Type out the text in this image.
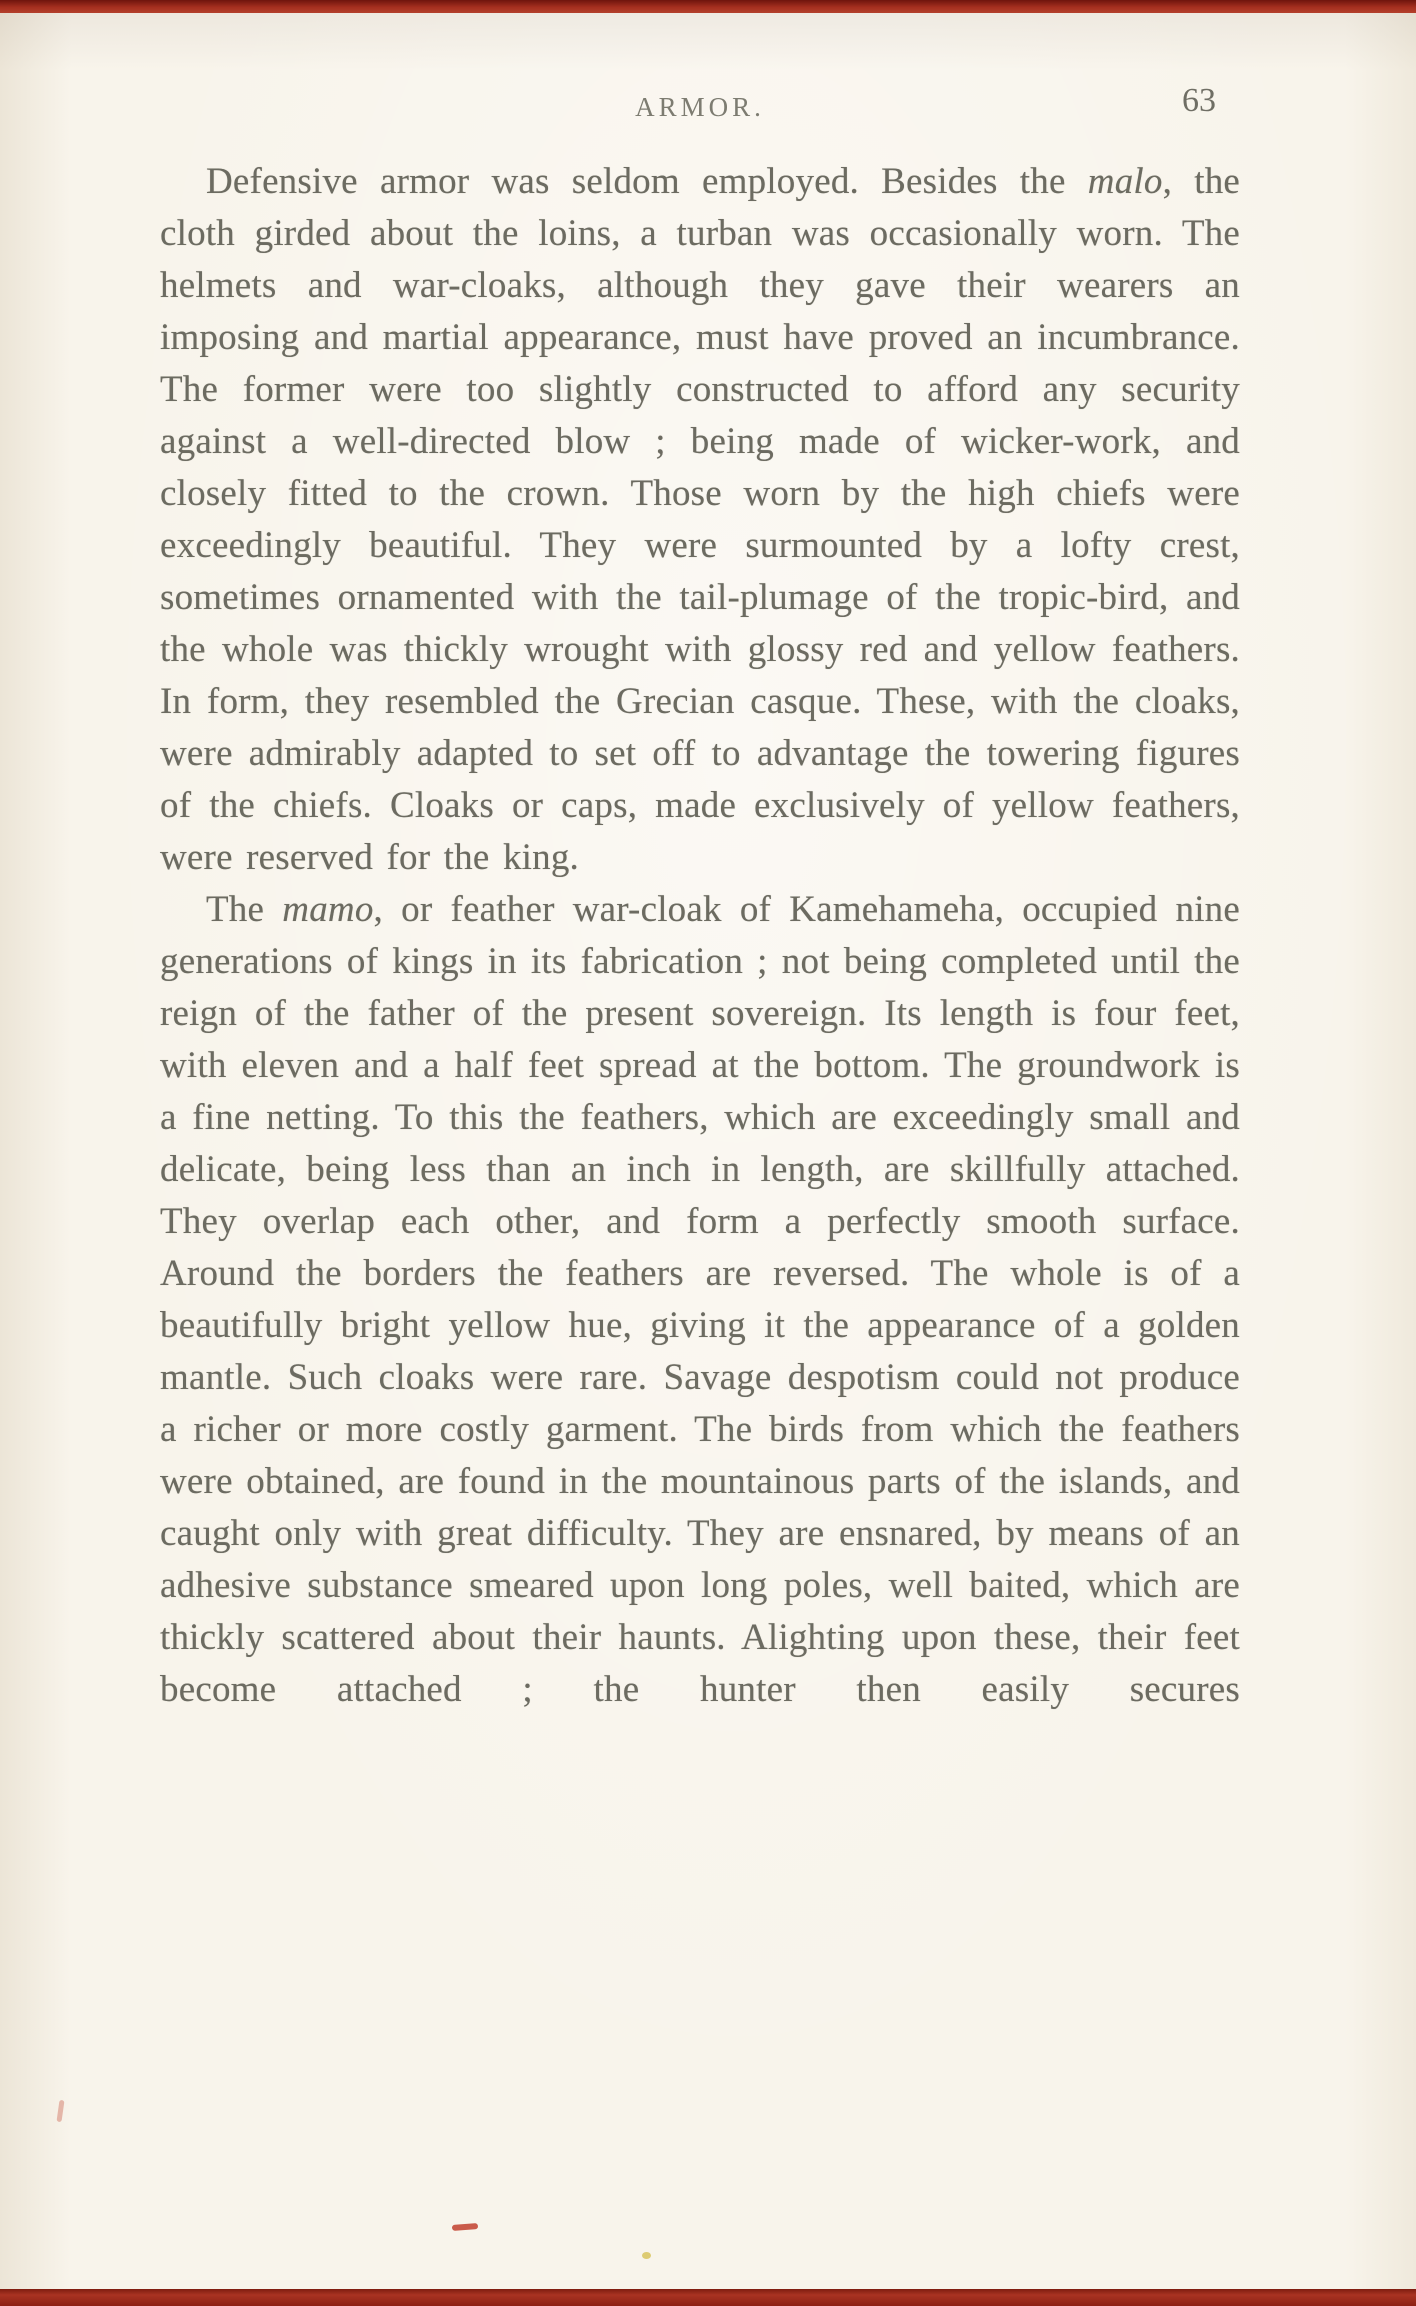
ARMOR.	63

Defensive armor was seldom employed. Besides the malo, the cloth girded about the loins, a turban was occasionally worn. The helmets and war-cloaks, although they gave their wearers an imposing and martial appearance, must have proved an incumbrance. The former were too slightly constructed to afford any security against a well-directed blow ; being made of wicker-work, and closely fitted to the crown. Those worn by the high chiefs were exceedingly beautiful. They were surmounted by a lofty crest, sometimes ornamented with the tail-plumage of the tropic-bird, and the whole was thickly wrought with glossy red and yellow feathers. In form, they resembled the Grecian casque. These, with the cloaks, were admirably adapted to set off to advantage the towering figures of the chiefs. Cloaks or caps, made exclusively of yellow feathers, were reserved for the king.

The mamo, or feather war-cloak of Kamehameha, occupied nine generations of kings in its fabrication ; not being completed until the reign of the father of the present sovereign. Its length is four feet, with eleven and a half feet spread at the bottom. The groundwork is a fine netting. To this the feathers, which are exceedingly small and delicate, being less than an inch in length, are skillfully attached. They overlap each other, and form a perfectly smooth surface. Around the borders the feathers are reversed. The whole is of a beautifully bright yellow hue, giving it the appearance of a golden mantle. Such cloaks were rare. Savage despotism could not produce a richer or more costly garment. The birds from which the feathers were obtained, are found in the mountainous parts of the islands, and caught only with great difficulty. They are ensnared, by means of an adhesive substance smeared upon long poles, well baited, which are thickly scattered about their haunts. Alighting upon these, their feet become attached ; the hunter then easily secures
